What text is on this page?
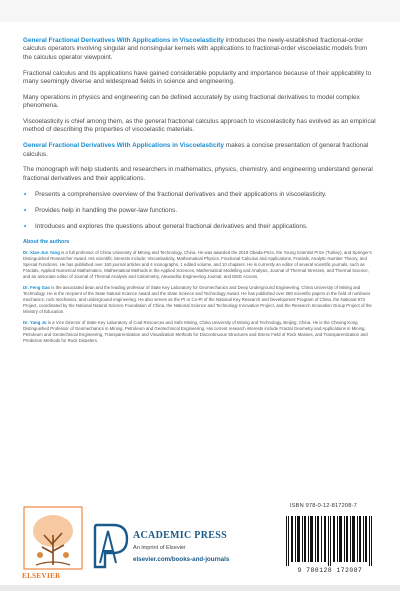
General Fractional Derivatives With Applications in Viscoelasticity introduces the newly-established fractional-order calculus operators involving singular and nonsingular kernels with applications to fractional-order viscoelastic models from the calculus operator viewpoint.

Fractional calculus and its applications have gained considerable popularity and importance because of their applicability to many seemingly diverse and widespread fields in science and engineering.

Many operations in physics and engineering can be defined accurately by using fractional derivatives to model complex phenomena.

Viscoelasticity is chief among them, as the general fractional calculus approach to viscoelasticity has evolved as an empirical method of describing the properties of viscoelastic materials.

General Fractional Derivatives With Applications in Viscoelasticity makes a concise presentation of general fractional calculus.

The monograph will help students and researchers in mathematics, physics, chemistry, and engineering understand general fractional derivatives and their applications.

• Presents a comprehensive overview of the fractional derivatives and their applications in viscoelasticity.
• Provides help in handling the power-law functions.
• Introduces and explores the questions about general fractional derivatives and their applications.
About the authors

Dr. Xiao-Jun Yang is a full professor of China University of Mining and Technology, China. He was awarded the 2019 Obada-Prize, the Young Scientist Prize (Turkey), and Springer's Distinguished Researcher Award. His scientific interests include: Viscoelasticity, Mathematical Physics, Fractional Calculus and Applications, Fractals, Analytic Number Theory, and Special Functions. He has published over 160 journal articles and 4 monographs, 1 edited volume, and 10 chapters. He is currently an editor of several scientific journals, such as Fractals, Applied Numerical Mathematics, Mathematical Methods in the Applied Sciences, Mathematical Modelling and Analysis, Journal of Thermal Stresses, and Thermal Science, and an associate editor of Journal of Thermal Analysis and Calorimetry, Alexandria Engineering Journal, and IEEE Access.

Dr. Feng Gao is the associated dean and the leading professor of State Key Laboratory for Geomechanics and Deep Underground Engineering, China University of Mining and Technology. He is the recipient of the State Natural Science Award and the State Science and Technology Award. He has published over 280 scientific papers in the field of nonlinear mechanics, rock mechanics, and underground engineering. He also serves as the PI or Co-PI of the National Key Research and Development Program of China, the National 973 Project, coordinated by the National Natural Science Foundation of China, the National Science and Technology Innovation Project, and the Research Innovation Group Project of the Ministry of Education.

Dr. Yang Ju is a Vice Director of State Key Laboratory of Coal Resources and Safe Mining, China University of Mining and Technology, Beijing, China. He is the Cheung Kong Distinguished Professor of Geomechanics in Mining, Petroleum and Geotechnical Engineering. His current research interests include Fractal Geometry and Applications in Mining, Petroleum and Geotechnical Engineering, Transparentization and Visualization Methods for Discontinuous Structures and Stress Field of Rock Masses, and Transparentization and Prediction Methods for Rock Disasters.

ELSEVIER
ACADEMIC PRESS
An imprint of Elsevier
elsevier.com/books-and-journals
ISBN 978-0-12-817208-7
9 780128 172087
